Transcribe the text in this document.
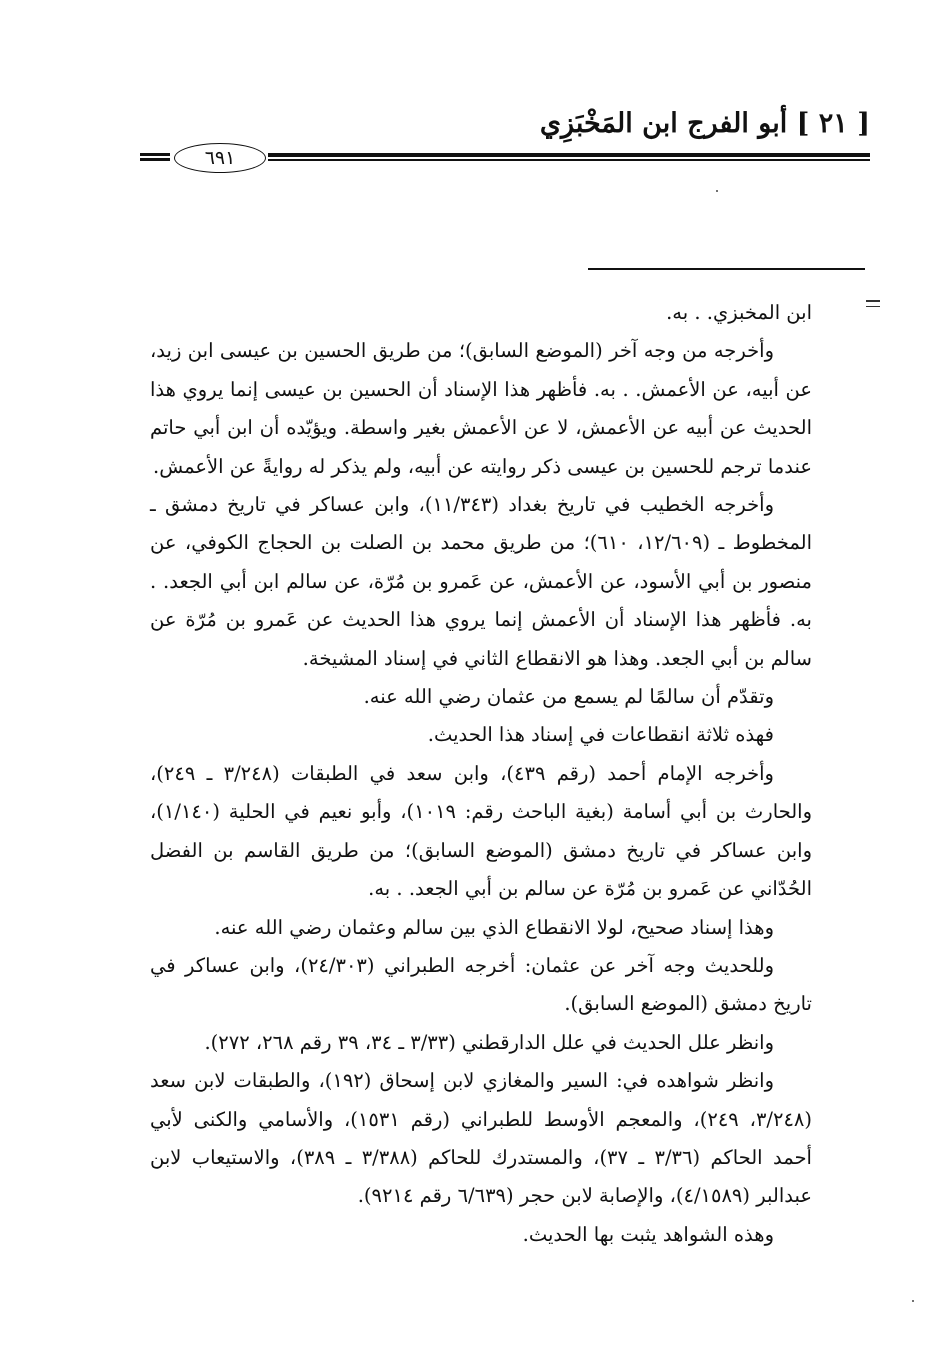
[ ٢١ ] أبو الفرج ابن المَخْبَزِي
٦٩١

ابن المخبزي. . به.

وأخرجه من وجه آخر (الموضع السابق)؛ من طريق الحسين بن عيسى ابن زيد، عن أبيه، عن الأعمش. . به. فأظهر هذا الإسناد أن الحسين بن عيسى إنما يروي هذا الحديث عن أبيه عن الأعمش، لا عن الأعمش بغير واسطة. ويؤيّده أن ابن أبي حاتم عندما ترجم للحسين بن عيسى ذكر روايته عن أبيه، ولم يذكر له روايةً عن الأعمش.

وأخرجه الخطيب في تاريخ بغداد (١١/٣٤٣)، وابن عساكر في تاريخ دمشق ـ المخطوط ـ (١٢/٦٠٩، ٦١٠)؛ من طريق محمد بن الصلت بن الحجاج الكوفي، عن منصور بن أبي الأسود، عن الأعمش، عن عَمرو بن مُرّة، عن سالم ابن أبي الجعد. . به. فأظهر هذا الإسناد أن الأعمش إنما يروي هذا الحديث عن عَمرو بن مُرّة عن سالم بن أبي الجعد. وهذا هو الانقطاع الثاني في إسناد المشيخة.

وتقدّم أن سالمًا لم يسمع من عثمان رضي الله عنه.

فهذه ثلاثة انقطاعات في إسناد هذا الحديث.

وأخرجه الإمام أحمد (رقم ٤٣٩)، وابن سعد في الطبقات (٣/٢٤٨ ـ ٢٤٩)، والحارث بن أبي أسامة (بغية الباحث رقم: ١٠١٩)، وأبو نعيم في الحلية (١/١٤٠)، وابن عساكر في تاريخ دمشق (الموضع السابق)؛ من طريق القاسم بن الفضل الحُدّاني عن عَمرو بن مُرّة عن سالم بن أبي الجعد. . به.

وهذا إسناد صحيح، لولا الانقطاع الذي بين سالم وعثمان رضي الله عنه.

وللحديث وجه آخر عن عثمان: أخرجه الطبراني (٢٤/٣٠٣)، وابن عساكر في تاريخ دمشق (الموضع السابق).

وانظر علل الحديث في علل الدارقطني (٣/٣٣ ـ ٣٤، ٣٩ رقم ٢٦٨، ٢٧٢).

وانظر شواهده في: السير والمغازي لابن إسحاق (١٩٢)، والطبقات لابن سعد (٣/٢٤٨، ٢٤٩)، والمعجم الأوسط للطبراني (رقم ١٥٣١)، والأسامي والكنى لأبي أحمد الحاكم (٣/٣٦ ـ ٣٧)، والمستدرك للحاكم (٣/٣٨٨ ـ ٣٨٩)، والاستيعاب لابن عبدالبر (٤/١٥٨٩)، والإصابة لابن حجر (٦/٦٣٩ رقم ٩٢١٤).

وهذه الشواهد يثبت بها الحديث.
